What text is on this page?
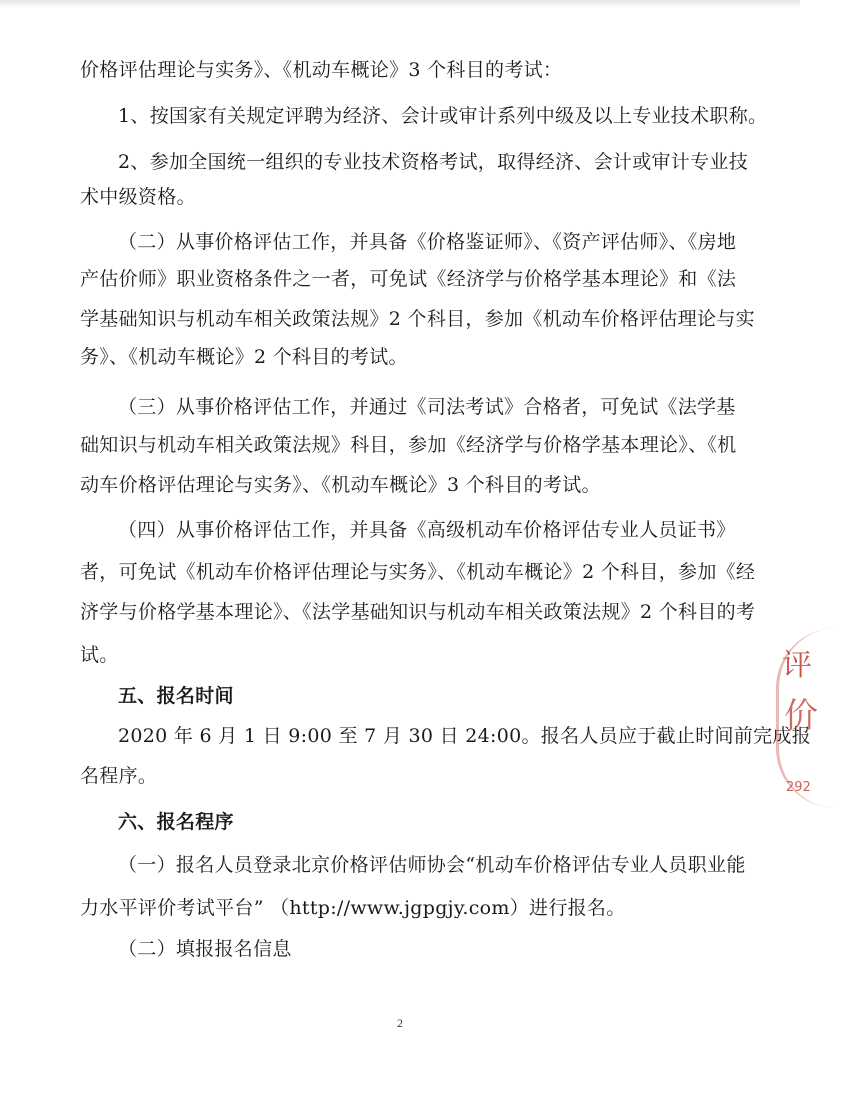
价格评估理论与实务》、《机动车概论》3 个科目的考试：
1、按国家有关规定评聘为经济、会计或审计系列中级及以上专业技术职称。
2、参加全国统一组织的专业技术资格考试，取得经济、会计或审计专业技
术中级资格。
（二）从事价格评估工作，并具备《价格鉴证师》、《资产评估师》、《房地
产估价师》职业资格条件之一者，可免试《经济学与价格学基本理论》和《法
学基础知识与机动车相关政策法规》2 个科目，参加《机动车价格评估理论与实
务》、《机动车概论》2 个科目的考试。
（三）从事价格评估工作，并通过《司法考试》合格者，可免试《法学基
础知识与机动车相关政策法规》科目，参加《经济学与价格学基本理论》、《机
动车价格评估理论与实务》、《机动车概论》3 个科目的考试。
（四）从事价格评估工作，并具备《高级机动车价格评估专业人员证书》
者，可免试《机动车价格评估理论与实务》、《机动车概论》2 个科目，参加《经
济学与价格学基本理论》、《法学基础知识与机动车相关政策法规》2 个科目的考
试。
五、报名时间
2020 年 6 月 1 日 9:00 至 7 月 30 日 24:00。报名人员应于截止时间前完成报
名程序。
六、报名程序
（一）报名人员登录北京价格评估师协会“机动车价格评估专业人员职业能
力水平评价考试平台” （http://www.jgpgjy.com）进行报名。
（二）填报报名信息
2
评
价
292
